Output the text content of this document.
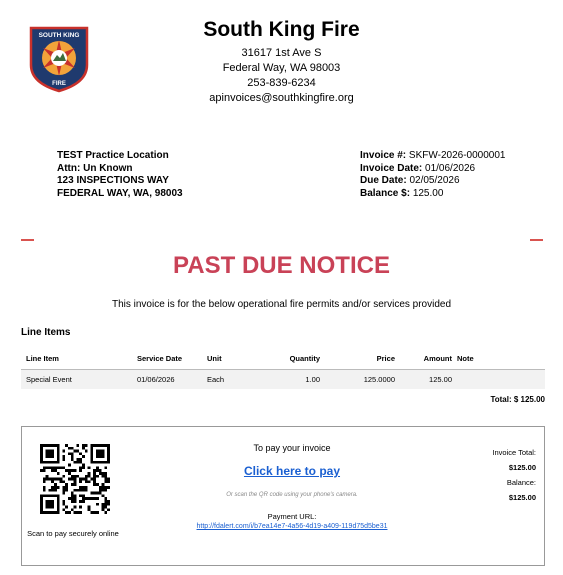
SOUTH KING
FIRE
South King Fire
31617 1st Ave S
Federal Way, WA 98003
253-839-6234
apinvoices@southkingfire.org
TEST Practice Location
Attn: Un Known
123 INSPECTIONS WAY
FEDERAL WAY, WA, 98003
Invoice #: SKFW-2026-0000001
Invoice Date: 01/06/2026
Due Date: 02/05/2026
Balance $: 125.00
PAST DUE NOTICE
This invoice is for the below operational fire permits and/or services provided
Line Items
Line Item	Service Date	Unit	Quantity	Price	Amount	Note
Special Event	01/06/2026	Each	1.00	125.0000	125.00	
Total: $ 125.00
Scan to pay securely online
To pay your invoice
Click here to pay
Or scan the QR code using your phone's camera.
Payment URL:
http://fdalert.com/i/b7ea14e7-4a56-4d19-a409-119d75d5be31
Invoice Total:
$125.00
Balance:
$125.00
